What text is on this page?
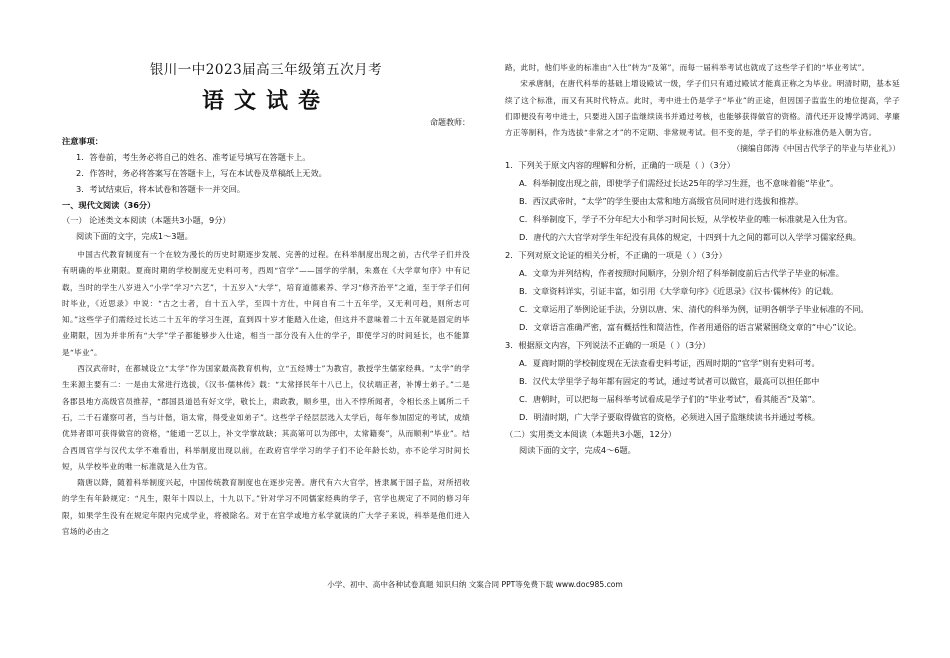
银川一中2023届高三年级第五次月考

语文试卷

命题教师：

注意事项：

1．答卷前，考生务必将自己的姓名、准考证号填写在答题卡上。

2．作答时，务必将答案写在答题卡上，写在本试卷及草稿纸上无效。

3．考试结束后，将本试卷和答题卡一并交回。

一、现代文阅读（36分）

（一） 论述类文本阅读（本题共3小题，9分）

阅读下面的文字，完成1～3题。

中国古代教育制度有一个在较为漫长的历史时期逐步发展、完善的过程。在科举制度出现之前，古代学子们并没有明确的毕业期限。夏商时期的学校制度无史料可考，西周“官学”——国学的学制，朱熹在《大学章句序》中有记载，当时的学生八岁进入“小学”学习“六艺”，十五岁入“大学”，培育道德素养、学习“修齐治平”之道，至于学子们何时毕业，《近思录》中说：“古之士者，自十五入学，至四十方仕，中间自有二十五年学，又无利可趋，则所志可知。”这些学子们需经过长达二十五年的学习生涯，直到四十岁才能踏入仕途，但这并不意味着二十五年就是固定的毕业期限，因为并非所有“大学”学子都能够步入仕途，相当一部分没有入仕的学子，即使学习的时间延长，也不能算是“毕业”。

西汉武帝时，在都城设立“太学”作为国家最高教育机构，立“五经博士”为教官，教授学生儒家经典。“太学”的学生来源主要有二：一是由太常进行选拔，《汉书·儒林传》载：“太常择民年十八已上，仪状端正者，补博士弟子。”二是各郡县地方高级官员推荐，“郡国县道邑有好文学，敬长上，肃政教，顺乡里，出入不悖所闻者，令相长丞上属所二千石，二千石谨察可者，当与计偕，诣太常，得受业如弟子”。这些学子经层层选入太学后，每年参加固定的考试，成绩优异者即可获得做官的资格，“能通一艺以上，补文学掌故缺；其高第可以为郎中，太常籍奏”，从而顺利“毕业”。结合西周官学与汉代太学不难看出，科举制度出现以前，在政府官学学习的学子们不论年龄长幼，亦不论学习时间长短，从学校毕业的唯一标准就是入仕为官。

隋唐以降，随着科举制度兴起，中国传统教育制度也在逐步完善。唐代有六大官学，皆隶属于国子监，对所招收的学生有年龄规定：“凡生，限年十四以上，十九以下。”针对学习不同儒家经典的学子，官学也规定了不同的修习年限，如果学生没有在规定年限内完成学业，将被除名。对于在官学或地方私学就读的广大学子来说，科举是他们进入官场的必由之

路，此时，他们毕业的标准由“入仕”转为“及第”，而每一届科举考试也就成了这些学子们的“毕业考试”。

宋承唐制，在唐代科举的基础上增设殿试一级，学子们只有通过殿试才能真正称之为毕业。明清时期，基本延续了这个标准，而又有其时代特点。此时，考中进士仍是学子“毕业”的正途，但因国子监监生的地位提高，学子们即便没有考中进士，只要进入国子监继续读书并通过考核，也能够获得做官的资格。清代还开设博学鸿词、孝廉方正等制科，作为选拔“非常之才”的不定期、非常规考试。但不变的是，学子们的毕业标准仍是入朝为官。

（摘编自郎涛《中国古代学子的毕业与毕业礼》）

1．下列关于原文内容的理解和分析，正确的一项是（ ）（3分）

A．科举制度出现之前，即使学子们需经过长达25年的学习生涯，也不意味着能“毕业”。

B．西汉武帝时，“太学”的学生要由太常和地方高级官员同时进行选拔和推荐。

C．科举制度下，学子不分年纪大小和学习时间长短，从学校毕业的唯一标准就是入仕为官。

D．唐代的六大官学对学生年纪没有具体的规定，十四到十九之间的都可以入学学习儒家经典。

2．下列对原文论证的相关分析，不正确的一项是（ ）（3分）

A．文章为并列结构，作者按照时间顺序，分别介绍了科举制度前后古代学子毕业的标准。

B．文章资料详实，引证丰富，如引用《大学章句序》《近思录》《汉书·儒林传》的记载。

C．文章运用了举例论证手法，分别以唐、宋、清代的科举为例，证明各朝学子毕业标准的不同。

D．文章语言准确严密，富有概括性和简洁性，作者用通俗的语言紧紧围绕文章的“中心”议论。

3．根据原文内容，下列说法不正确的一项是（ ）（3分）

A．夏商时期的学校制度现在无法查看史料考证，西周时期的“官学”则有史料可考。

B．汉代太学里学子每年都有固定的考试，通过考试者可以做官，最高可以担任郎中

C．唐朝时，可以把每一届科举考试看成是学子们的“毕业考试”，看其能否“及第”。

D．明清时期，广大学子要取得做官的资格，必须进入国子监继续读书并通过考核。

（二）实用类文本阅读（本题共3小题，12分）

阅读下面的文字，完成4～6题。

小学、初中、高中各种试卷真题 知识归纳 文案合同 PPT等免费下载 www.doc985.com
